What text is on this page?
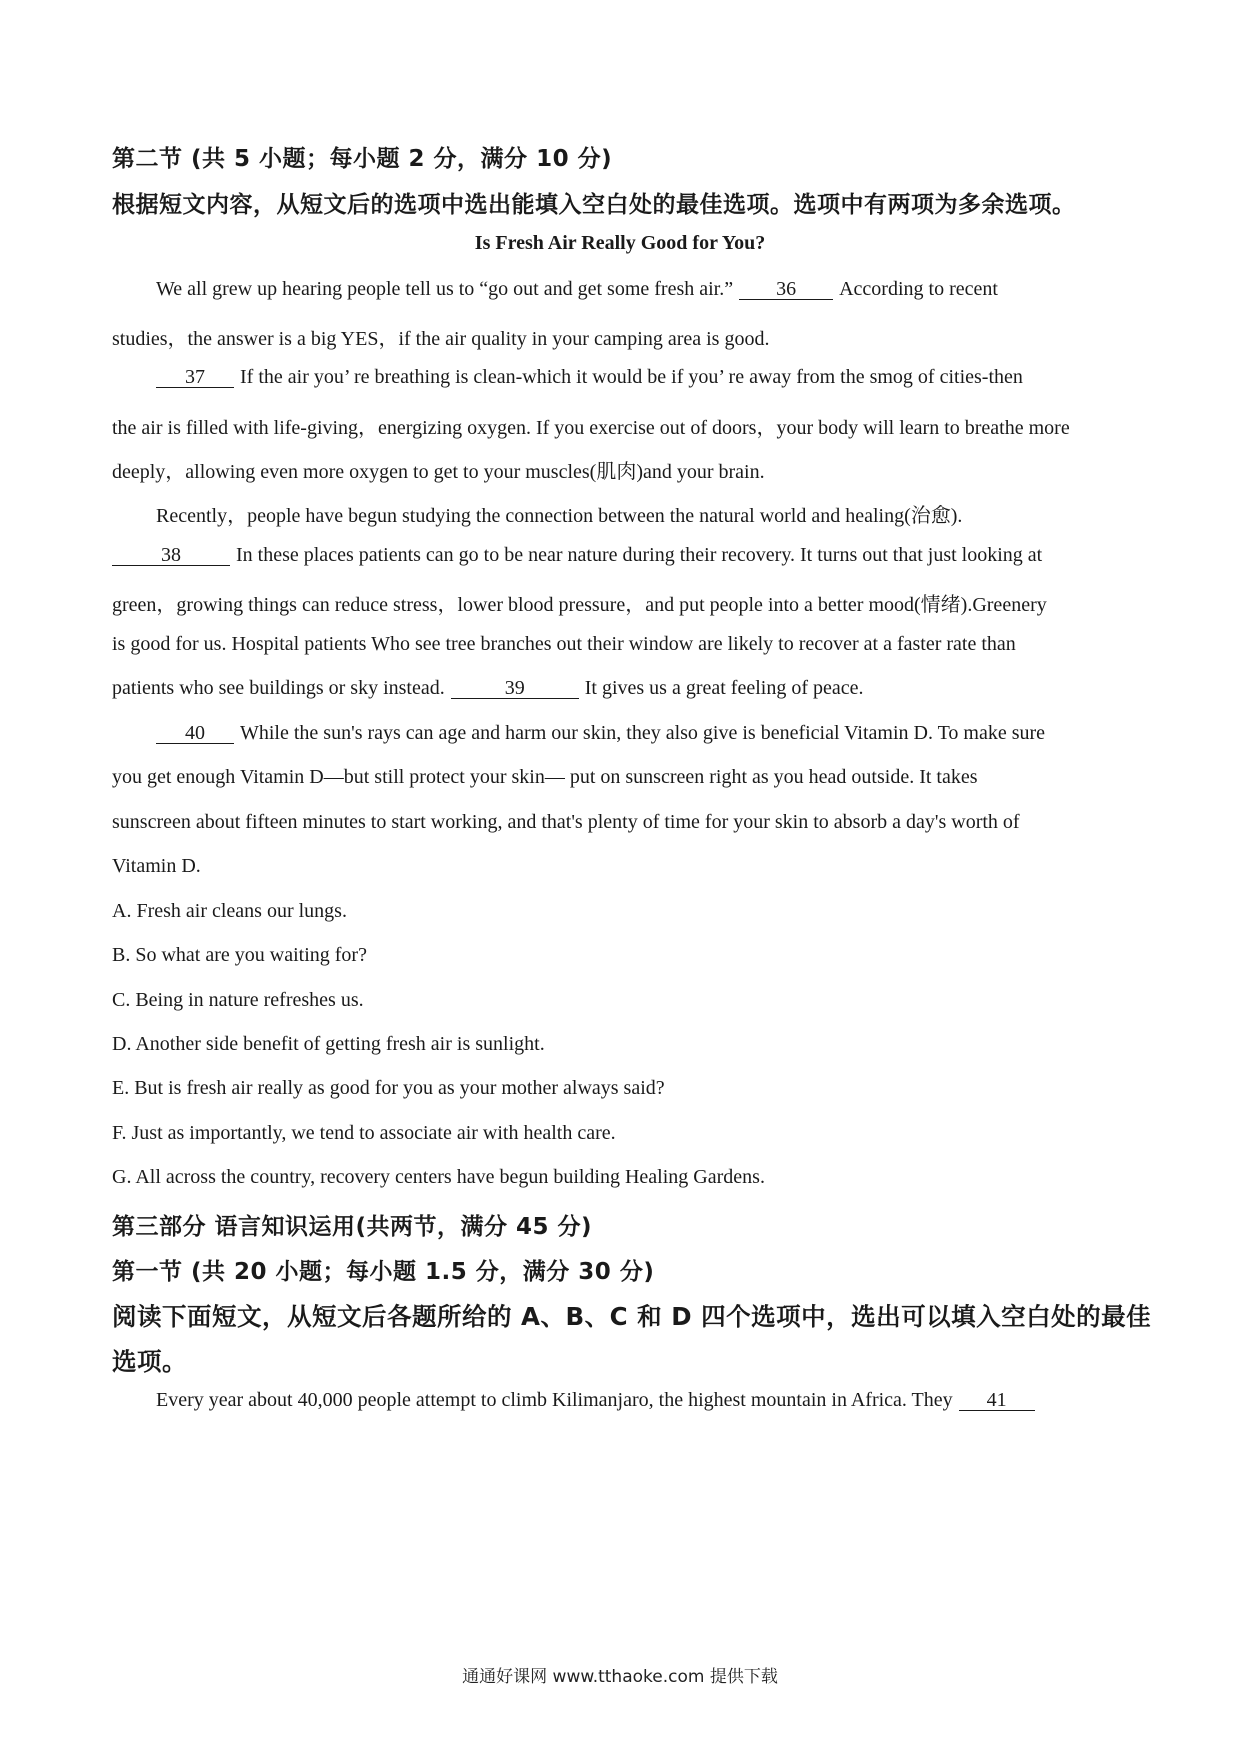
第二节 (共 5 小题；每小题 2 分，满分 10 分)
根据短文内容，从短文后的选项中选出能填入空白处的最佳选项。选项中有两项为多余选项。
Is Fresh Air Really Good for You?
We all grew up hearing people tell us to “go out and get some fresh air.” 36 According to recent
studies，the answer is a big YES，if the air quality in your camping area is good.
37 If the air you’ re breathing is clean-which it would be if you’ re away from the smog of cities-then
the air is filled with life-giving，energizing oxygen. If you exercise out of doors，your body will learn to breathe more
deeply，allowing even more oxygen to get to your muscles(肌肉)and your brain.
Recently，people have begun studying the connection between the natural world and healing(治愈).
38	In these places patients can go to be near nature during their recovery. It turns out that just looking at
green，growing things can reduce stress，lower blood pressure，and put people into a better mood(情绪).Greenery
is good for us. Hospital patients Who see tree branches out their window are likely to recover at a faster rate than
patients who see buildings or sky instead.	39	It gives us a great feeling of peace.
40 While the sun's rays can age and harm our skin, they also give is beneficial Vitamin D. To make sure
you get enough Vitamin D—but still protect your skin— put on sunscreen right as you head outside. It takes
sunscreen about fifteen minutes to start working, and that's plenty of time for your skin to absorb a day's worth of
Vitamin D.
A. Fresh air cleans our lungs.
B. So what are you waiting for?
C. Being in nature refreshes us.
D. Another side benefit of getting fresh air is sunlight.
E. But is fresh air really as good for you as your mother always said?
F. Just as importantly, we tend to associate air with health care.
G. All across the country, recovery centers have begun building Healing Gardens.
第三部分 语言知识运用(共两节，满分 45 分)
第一节 (共 20 小题；每小题 1.5 分，满分 30 分)
阅读下面短文，从短文后各题所给的 A、B、C 和 D 四个选项中，选出可以填入空白处的最佳
选项。
Every year about 40,000 people attempt to climb Kilimanjaro, the highest mountain in Africa. They 41
通通好课网 www.tthaoke.com 提供下载
